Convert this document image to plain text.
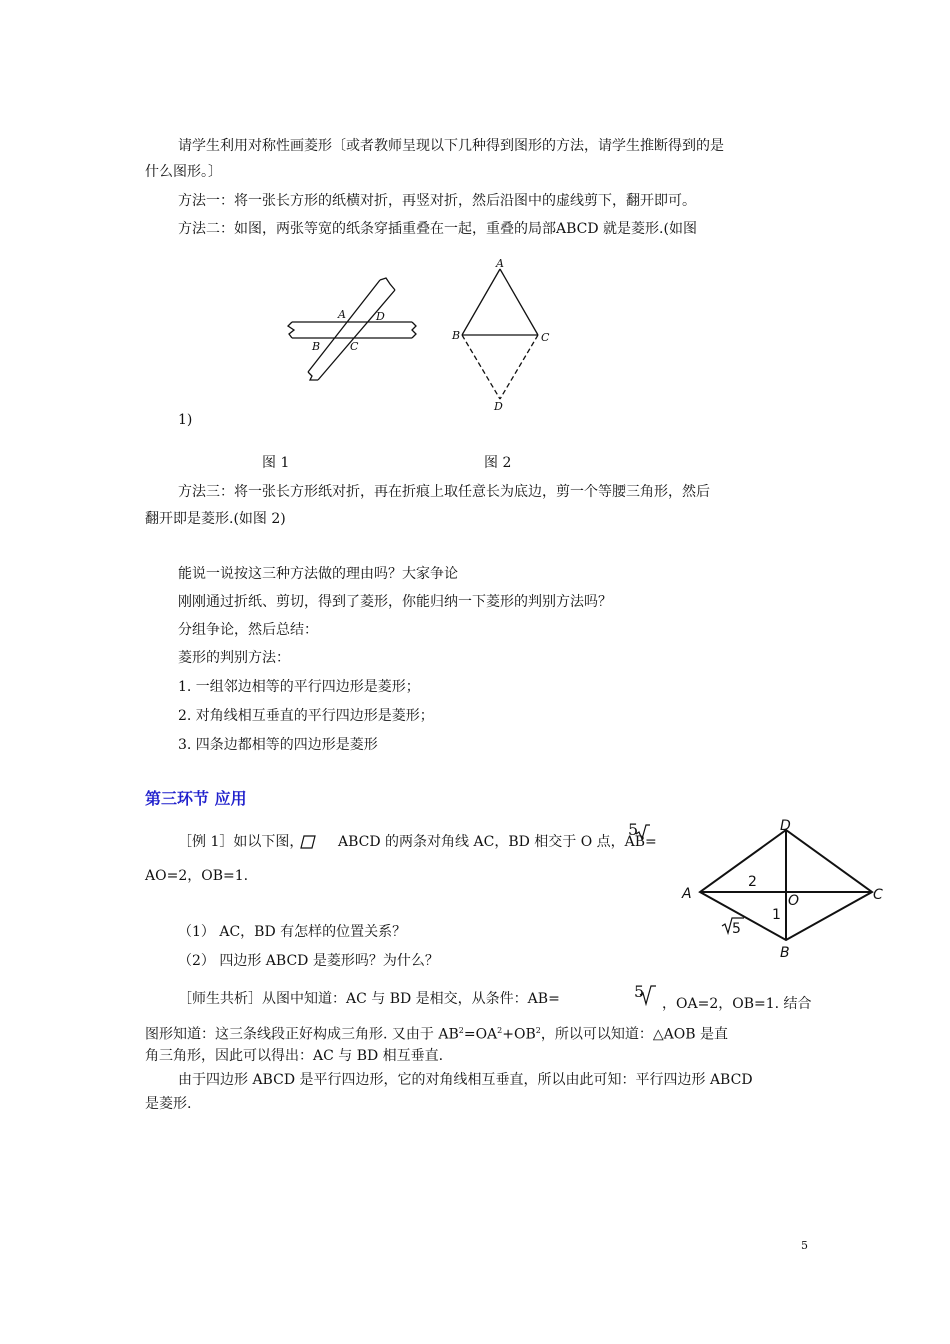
请学生利用对称性画菱形〔或者教师呈现以下几种得到图形的方法，请学生推断得到的是
什么图形。〕
方法一：将一张长方形的纸横对折，再竖对折，然后沿图中的虚线剪下，翻开即可。
方法二：如图，两张等宽的纸条穿插重叠在一起，重叠的局部ABCD 就是菱形.(如图
A	D
B	C
A
B	C
D
1)
图 1	图 2
方法三：将一张长方形纸对折，再在折痕上取任意长为底边，剪一个等腰三角形，然后
翻开即是菱形.(如图 2)
能说一说按这三种方法做的理由吗？大家争论
刚刚通过折纸、剪切，得到了菱形，你能归纳一下菱形的判别方法吗？
分组争论，然后总结：
菱形的判别方法：
1. 一组邻边相等的平行四边形是菱形；
2. 对角线相互垂直的平行四边形是菱形；
3. 四条边都相等的四边形是菱形
第三环节 应用
［例 1］如以下图， ABCD 的两条对角线 AC，BD 相交于 O 点，AB=
5
AO=2，OB=1.
（1） AC，BD 有怎样的位置关系？
（2） 四边形 ABCD 是菱形吗？为什么？
D
A	C
B
O
2
1
5
［师生共析］从图中知道：AC 与 BD 是相交，从条件：AB=	5
，OA=2，OB=1. 结合
图形知道：这三条线段正好构成三角形. 又由于 $AB^2=OA^2+OB^2$，所以可以知道：△AOB 是直
角三角形，因此可以得出：AC 与 BD 相互垂直.
由于四边形 ABCD 是平行四边形，它的对角线相互垂直，所以由此可知：平行四边形 ABCD
是菱形.
5
